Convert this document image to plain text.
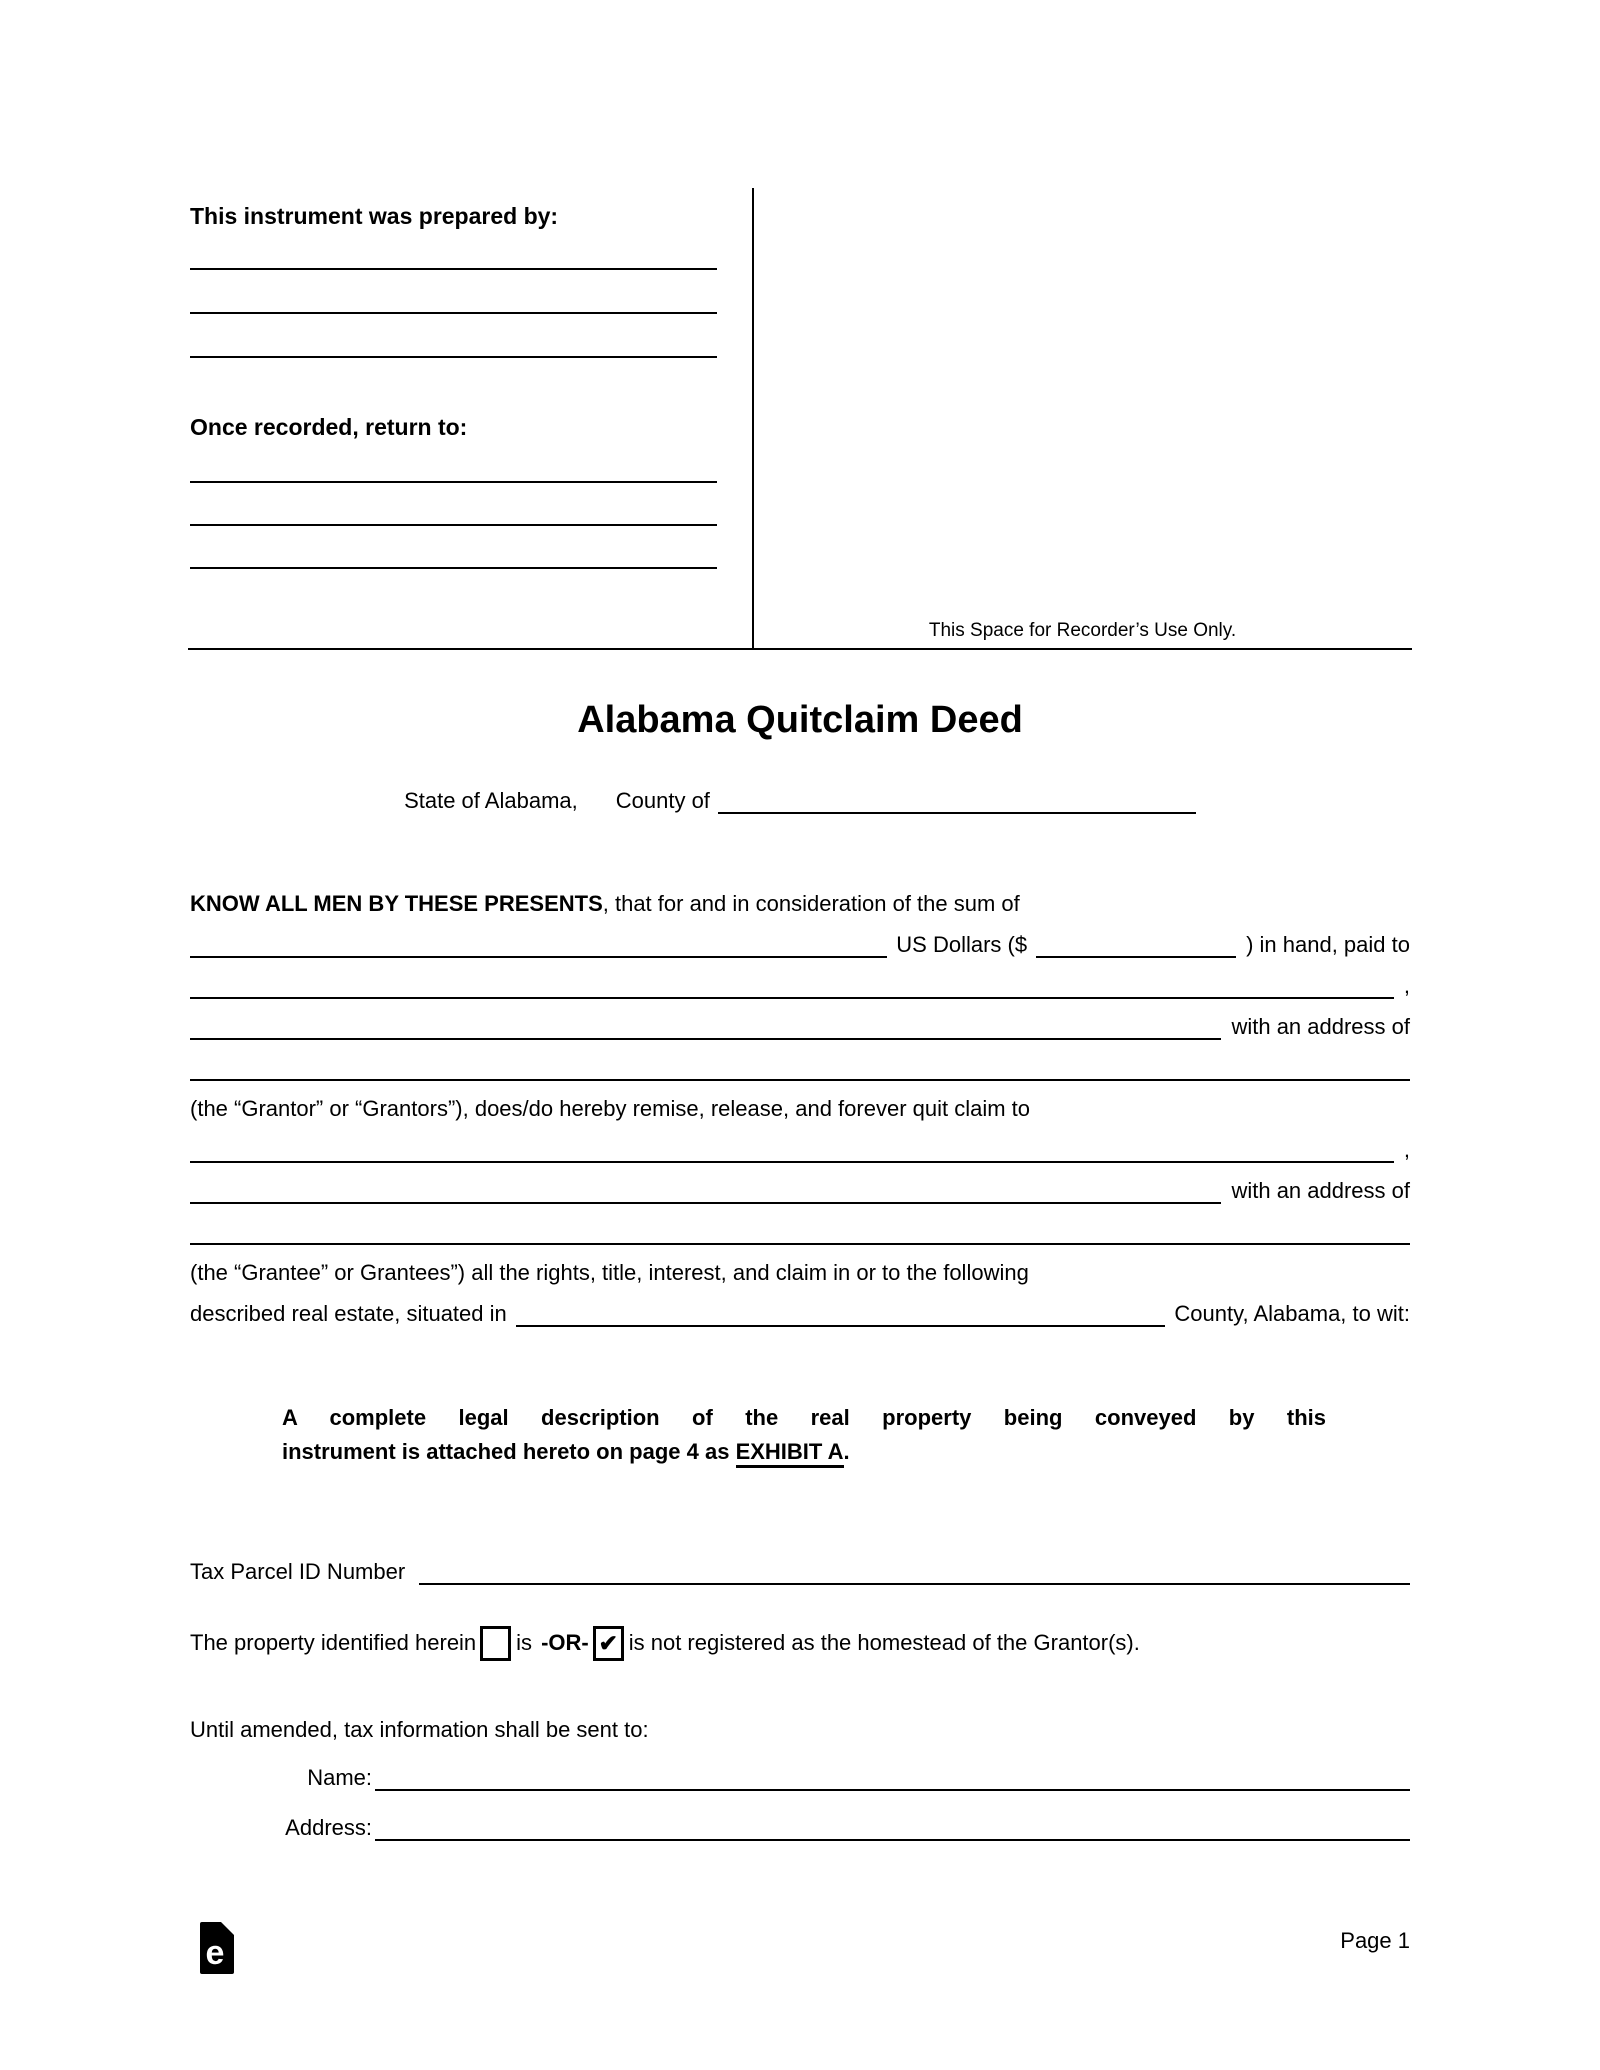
This instrument was prepared by:
Once recorded, return to:
This Space for Recorder’s Use Only.
Alabama Quitclaim Deed
State of Alabama, County of
KNOW ALL MEN BY THESE PRESENTS, that for and in consideration of the sum of
US Dollars ($	) in hand, paid to
,
with an address of
(the “Grantor” or “Grantors”), does/do hereby remise, release, and forever quit claim to
,
with an address of
(the “Grantee” or Grantees”) all the rights, title, interest, and claim in or to the following
described real estate, situated in	County, Alabama, to wit:
A complete legal description of the real property being conveyed by this
instrument is attached hereto on page 4 as EXHIBIT A.
Tax Parcel ID Number
The property identified herein is -OR- ✔ is not registered as the homestead of the Grantor(s).
Until amended, tax information shall be sent to:
Name:
Address:
e	Page 1
